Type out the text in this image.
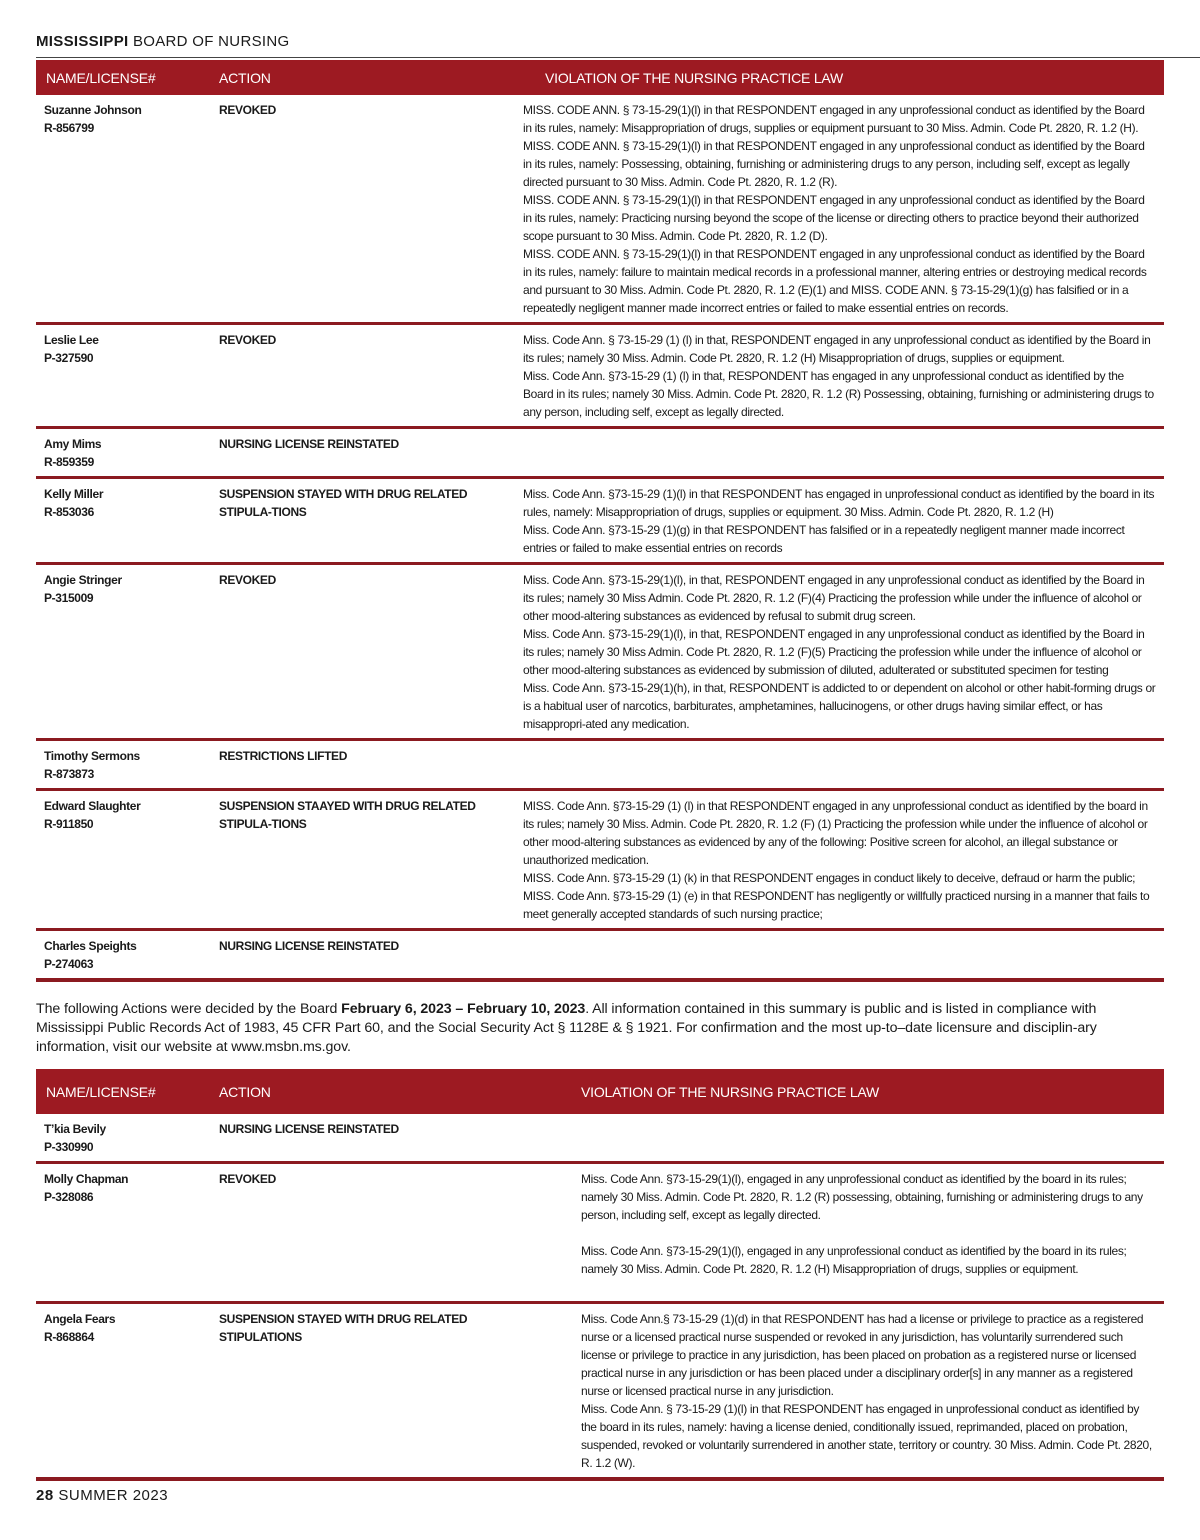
MISSISSIPPI BOARD OF NURSING
NAME/LICENSE#	ACTION	VIOLATION OF THE NURSING PRACTICE LAW

Suzanne Johnson
R-856799	REVOKED	MISS. CODE ANN. § 73-15-29(1)(l) in that RESPONDENT engaged in any unprofessional conduct as identified by the Board in its rules, namely: Misappropriation of drugs, supplies or equipment pursuant to 30 Miss. Admin. Code Pt. 2820, R. 1.2 (H).
MISS. CODE ANN. § 73-15-29(1)(l) in that RESPONDENT engaged in any unprofessional conduct as identified by the Board in its rules, namely: Possessing, obtaining, furnishing or administering drugs to any person, including self, except as legally directed pursuant to 30 Miss. Admin. Code Pt. 2820, R. 1.2 (R).
MISS. CODE ANN. § 73-15-29(1)(l) in that RESPONDENT engaged in any unprofessional conduct as identified by the Board in its rules, namely: Practicing nursing beyond the scope of the license or directing others to practice beyond their authorized scope pursuant to 30 Miss. Admin. Code Pt. 2820, R. 1.2 (D).
MISS. CODE ANN. § 73-15-29(1)(l) in that RESPONDENT engaged in any unprofessional conduct as identified by the Board in its rules, namely: failure to maintain medical records in a professional manner, altering entries or destroying medical records and pursuant to 30 Miss. Admin. Code Pt. 2820, R. 1.2 (E)(1) and MISS. CODE ANN. § 73-15-29(1)(g) has falsified or in a repeatedly negligent manner made incorrect entries or failed to make essential entries on records.

Leslie Lee
P-327590	REVOKED	Miss. Code Ann. § 73-15-29 (1) (l) in that, RESPONDENT engaged in any unprofessional conduct as identified by the Board in its rules; namely 30 Miss. Admin. Code Pt. 2820, R. 1.2 (H) Misappropriation of drugs, supplies or equipment.
Miss. Code Ann. §73-15-29 (1) (l) in that, RESPONDENT has engaged in any unprofessional conduct as identified by the Board in its rules; namely 30 Miss. Admin. Code Pt. 2820, R. 1.2 (R) Possessing, obtaining, furnishing or administering drugs to any person, including self, except as legally directed.

Amy Mims
R-859359	NURSING LICENSE REINSTATED	

Kelly Miller
R-853036	SUSPENSION STAYED WITH DRUG RELATED STIPULA-TIONS	Miss. Code Ann. §73-15-29 (1)(l) in that RESPONDENT has engaged in unprofessional conduct as identified by the board in its rules, namely: Misappropriation of drugs, supplies or equipment. 30 Miss. Admin. Code Pt. 2820, R. 1.2 (H)
Miss. Code Ann. §73-15-29 (1)(g) in that RESPONDENT has falsified or in a repeatedly negligent manner made incorrect entries or failed to make essential entries on records

Angie Stringer
P-315009	REVOKED	Miss. Code Ann. §73-15-29(1)(l), in that, RESPONDENT engaged in any unprofessional conduct as identified by the Board in its rules; namely 30 Miss Admin. Code Pt. 2820, R. 1.2 (F)(4) Practicing the profession while under the influence of alcohol or other mood-altering substances as evidenced by refusal to submit drug screen.
Miss. Code Ann. §73-15-29(1)(l), in that, RESPONDENT engaged in any unprofessional conduct as identified by the Board in its rules; namely 30 Miss Admin. Code Pt. 2820, R. 1.2 (F)(5) Practicing the profession while under the influence of alcohol or other mood-altering substances as evidenced by submission of diluted, adulterated or substituted specimen for testing
Miss. Code Ann. §73-15-29(1)(h), in that, RESPONDENT is addicted to or dependent on alcohol or other habit-forming drugs or is a habitual user of narcotics, barbiturates, amphetamines, hallucinogens, or other drugs having similar effect, or has misappropri-ated any medication.

Timothy Sermons
R-873873	RESTRICTIONS LIFTED	

Edward Slaughter
R-911850	SUSPENSION STAAYED WITH DRUG RELATED STIPULA-TIONS	MISS. Code Ann. §73-15-29 (1) (l) in that RESPONDENT engaged in any unprofessional conduct as identified by the board in its rules; namely 30 Miss. Admin. Code Pt. 2820, R. 1.2 (F) (1) Practicing the profession while under the influence of alcohol or other mood-altering substances as evidenced by any of the following: Positive screen for alcohol, an illegal substance or unauthorized medication.
MISS. Code Ann. §73-15-29 (1) (k) in that RESPONDENT engages in conduct likely to deceive, defraud or harm the public;
MISS. Code Ann. §73-15-29 (1) (e) in that RESPONDENT has negligently or willfully practiced nursing in a manner that fails to meet generally accepted standards of such nursing practice;

Charles Speights
P-274063	NURSING LICENSE REINSTATED	
The following Actions were decided by the Board February 6, 2023 – February 10, 2023. All information contained in this summary is public and is listed in compliance with Mississippi Public Records Act of 1983, 45 CFR Part 60, and the Social Security Act § 1128E & § 1921. For confirmation and the most up-to–date licensure and disciplin-ary information, visit our website at www.msbn.ms.gov.
NAME/LICENSE#	ACTION	VIOLATION OF THE NURSING PRACTICE LAW

T’kia Bevily
P-330990	NURSING LICENSE REINSTATED	

Molly Chapman
P-328086	REVOKED	Miss. Code Ann. §73-15-29(1)(l), engaged in any unprofessional conduct as identified by the board in its rules; namely 30 Miss. Admin. Code Pt. 2820, R. 1.2 (R) possessing, obtaining, furnishing or administering drugs to any person, including self, except as legally directed.
Miss. Code Ann. §73-15-29(1)(l), engaged in any unprofessional conduct as identified by the board in its rules; namely 30 Miss. Admin. Code Pt. 2820, R. 1.2 (H) Misappropriation of drugs, supplies or equipment.

Angela Fears
R-868864	SUSPENSION STAYED WITH DRUG RELATED STIPULATIONS	Miss. Code Ann.§ 73-15-29 (1)(d) in that RESPONDENT has had a license or privilege to practice as a registered nurse or a licensed practical nurse suspended or revoked in any jurisdiction, has voluntarily surrendered such license or privilege to practice in any jurisdiction, has been placed on probation as a registered nurse or licensed practical nurse in any jurisdiction or has been placed under a disciplinary order[s] in any manner as a registered nurse or licensed practical nurse in any jurisdiction.
Miss. Code Ann. § 73-15-29 (1)(l) in that RESPONDENT has engaged in unprofessional conduct as identified by the board in its rules, namely: having a license denied, conditionally issued, reprimanded, placed on probation, suspended, revoked or voluntarily surrendered in another state, territory or country. 30 Miss. Admin. Code Pt. 2820, R. 1.2 (W).
28 SUMMER 2023
